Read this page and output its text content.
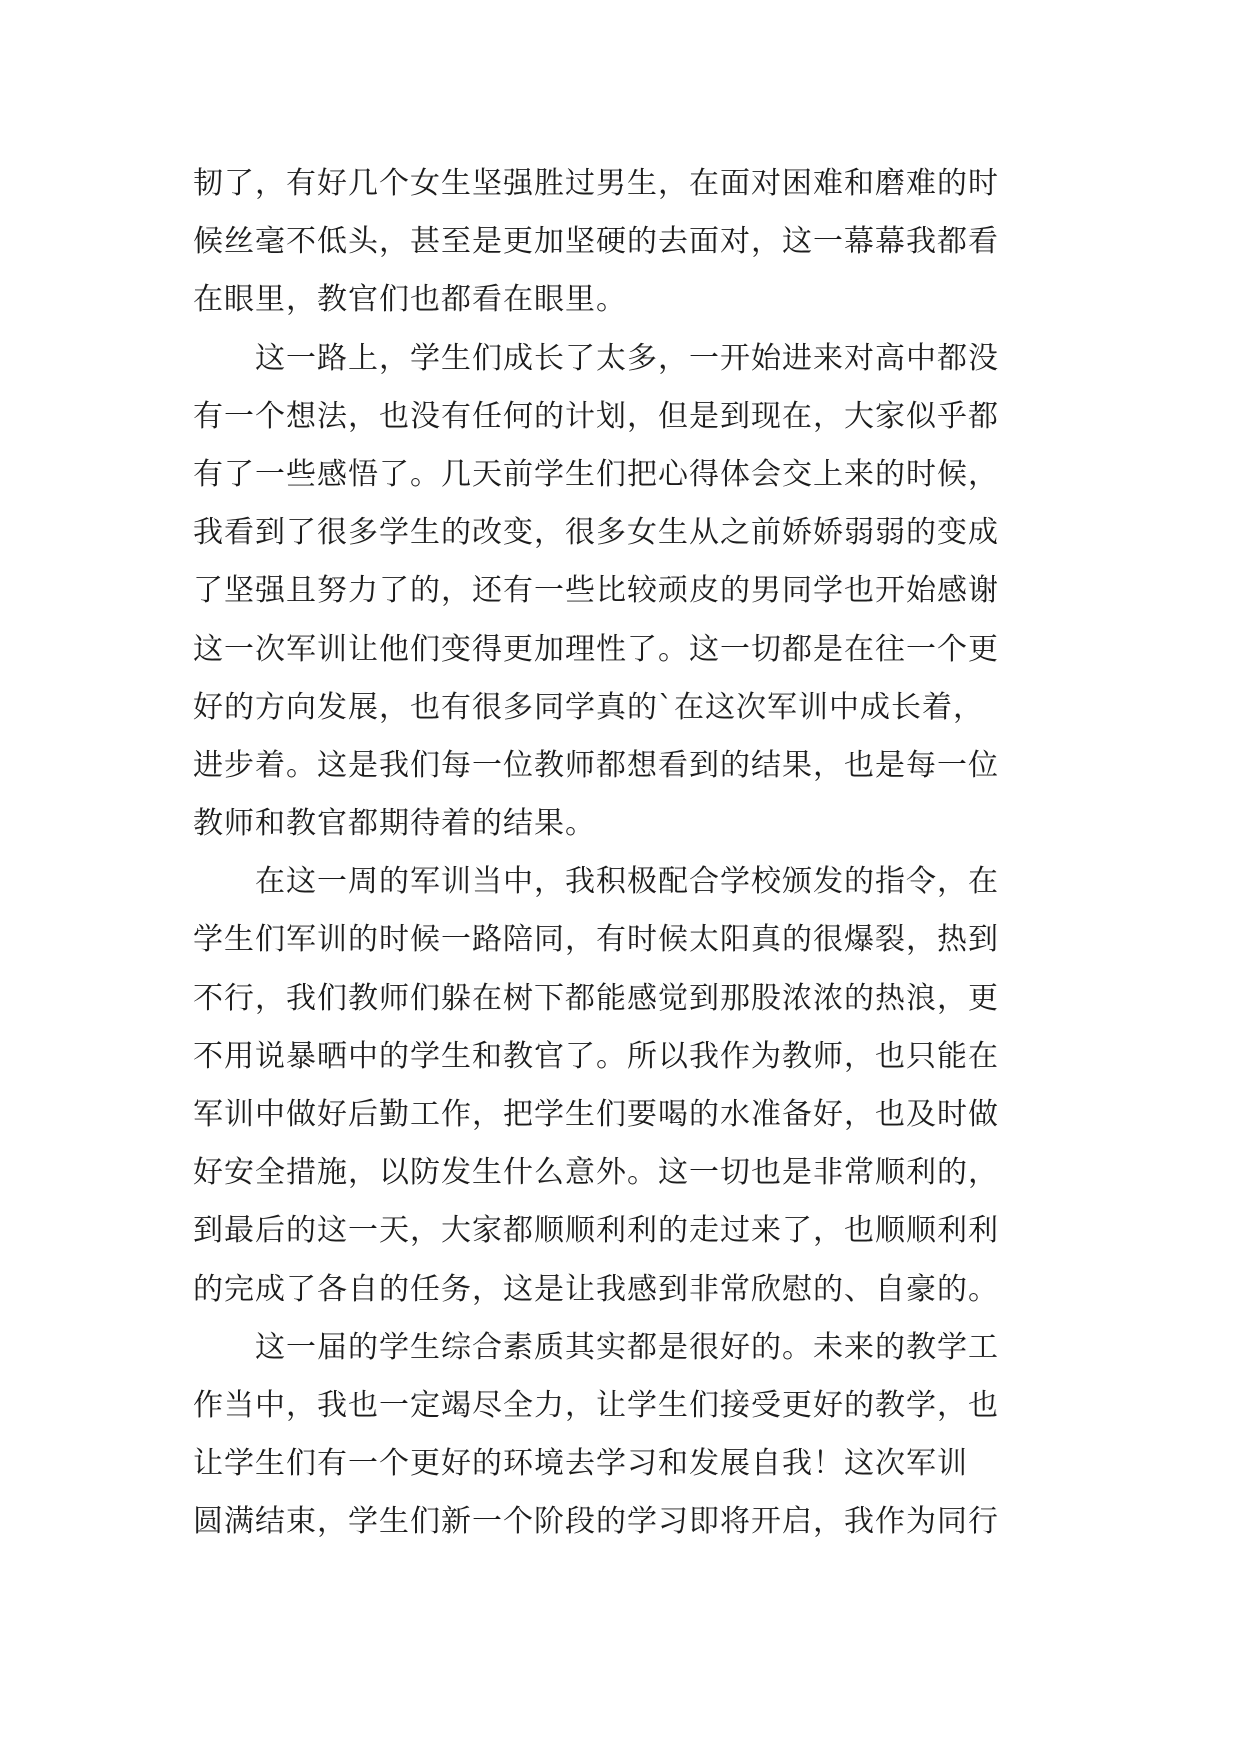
韧了，有好几个女生坚强胜过男生，在面对困难和磨难的时
候丝毫不低头，甚至是更加坚硬的去面对，这一幕幕我都看
在眼里，教官们也都看在眼里。
这一路上，学生们成长了太多，一开始进来对高中都没
有一个想法，也没有任何的计划，但是到现在，大家似乎都
有了一些感悟了。几天前学生们把心得体会交上来的时候，
我看到了很多学生的改变，很多女生从之前娇娇弱弱的变成
了坚强且努力了的，还有一些比较顽皮的男同学也开始感谢
这一次军训让他们变得更加理性了。这一切都是在往一个更
好的方向发展，也有很多同学真的`在这次军训中成长着，
进步着。这是我们每一位教师都想看到的结果，也是每一位
教师和教官都期待着的结果。
在这一周的军训当中，我积极配合学校颁发的指令，在
学生们军训的时候一路陪同，有时候太阳真的很爆裂，热到
不行，我们教师们躲在树下都能感觉到那股浓浓的热浪，更
不用说暴晒中的学生和教官了。所以我作为教师，也只能在
军训中做好后勤工作，把学生们要喝的水准备好，也及时做
好安全措施，以防发生什么意外。这一切也是非常顺利的，
到最后的这一天，大家都顺顺利利的走过来了，也顺顺利利
的完成了各自的任务，这是让我感到非常欣慰的、自豪的。
这一届的学生综合素质其实都是很好的。未来的教学工
作当中，我也一定竭尽全力，让学生们接受更好的教学，也
让学生们有一个更好的环境去学习和发展自我！这次军训
圆满结束，学生们新一个阶段的学习即将开启，我作为同行
